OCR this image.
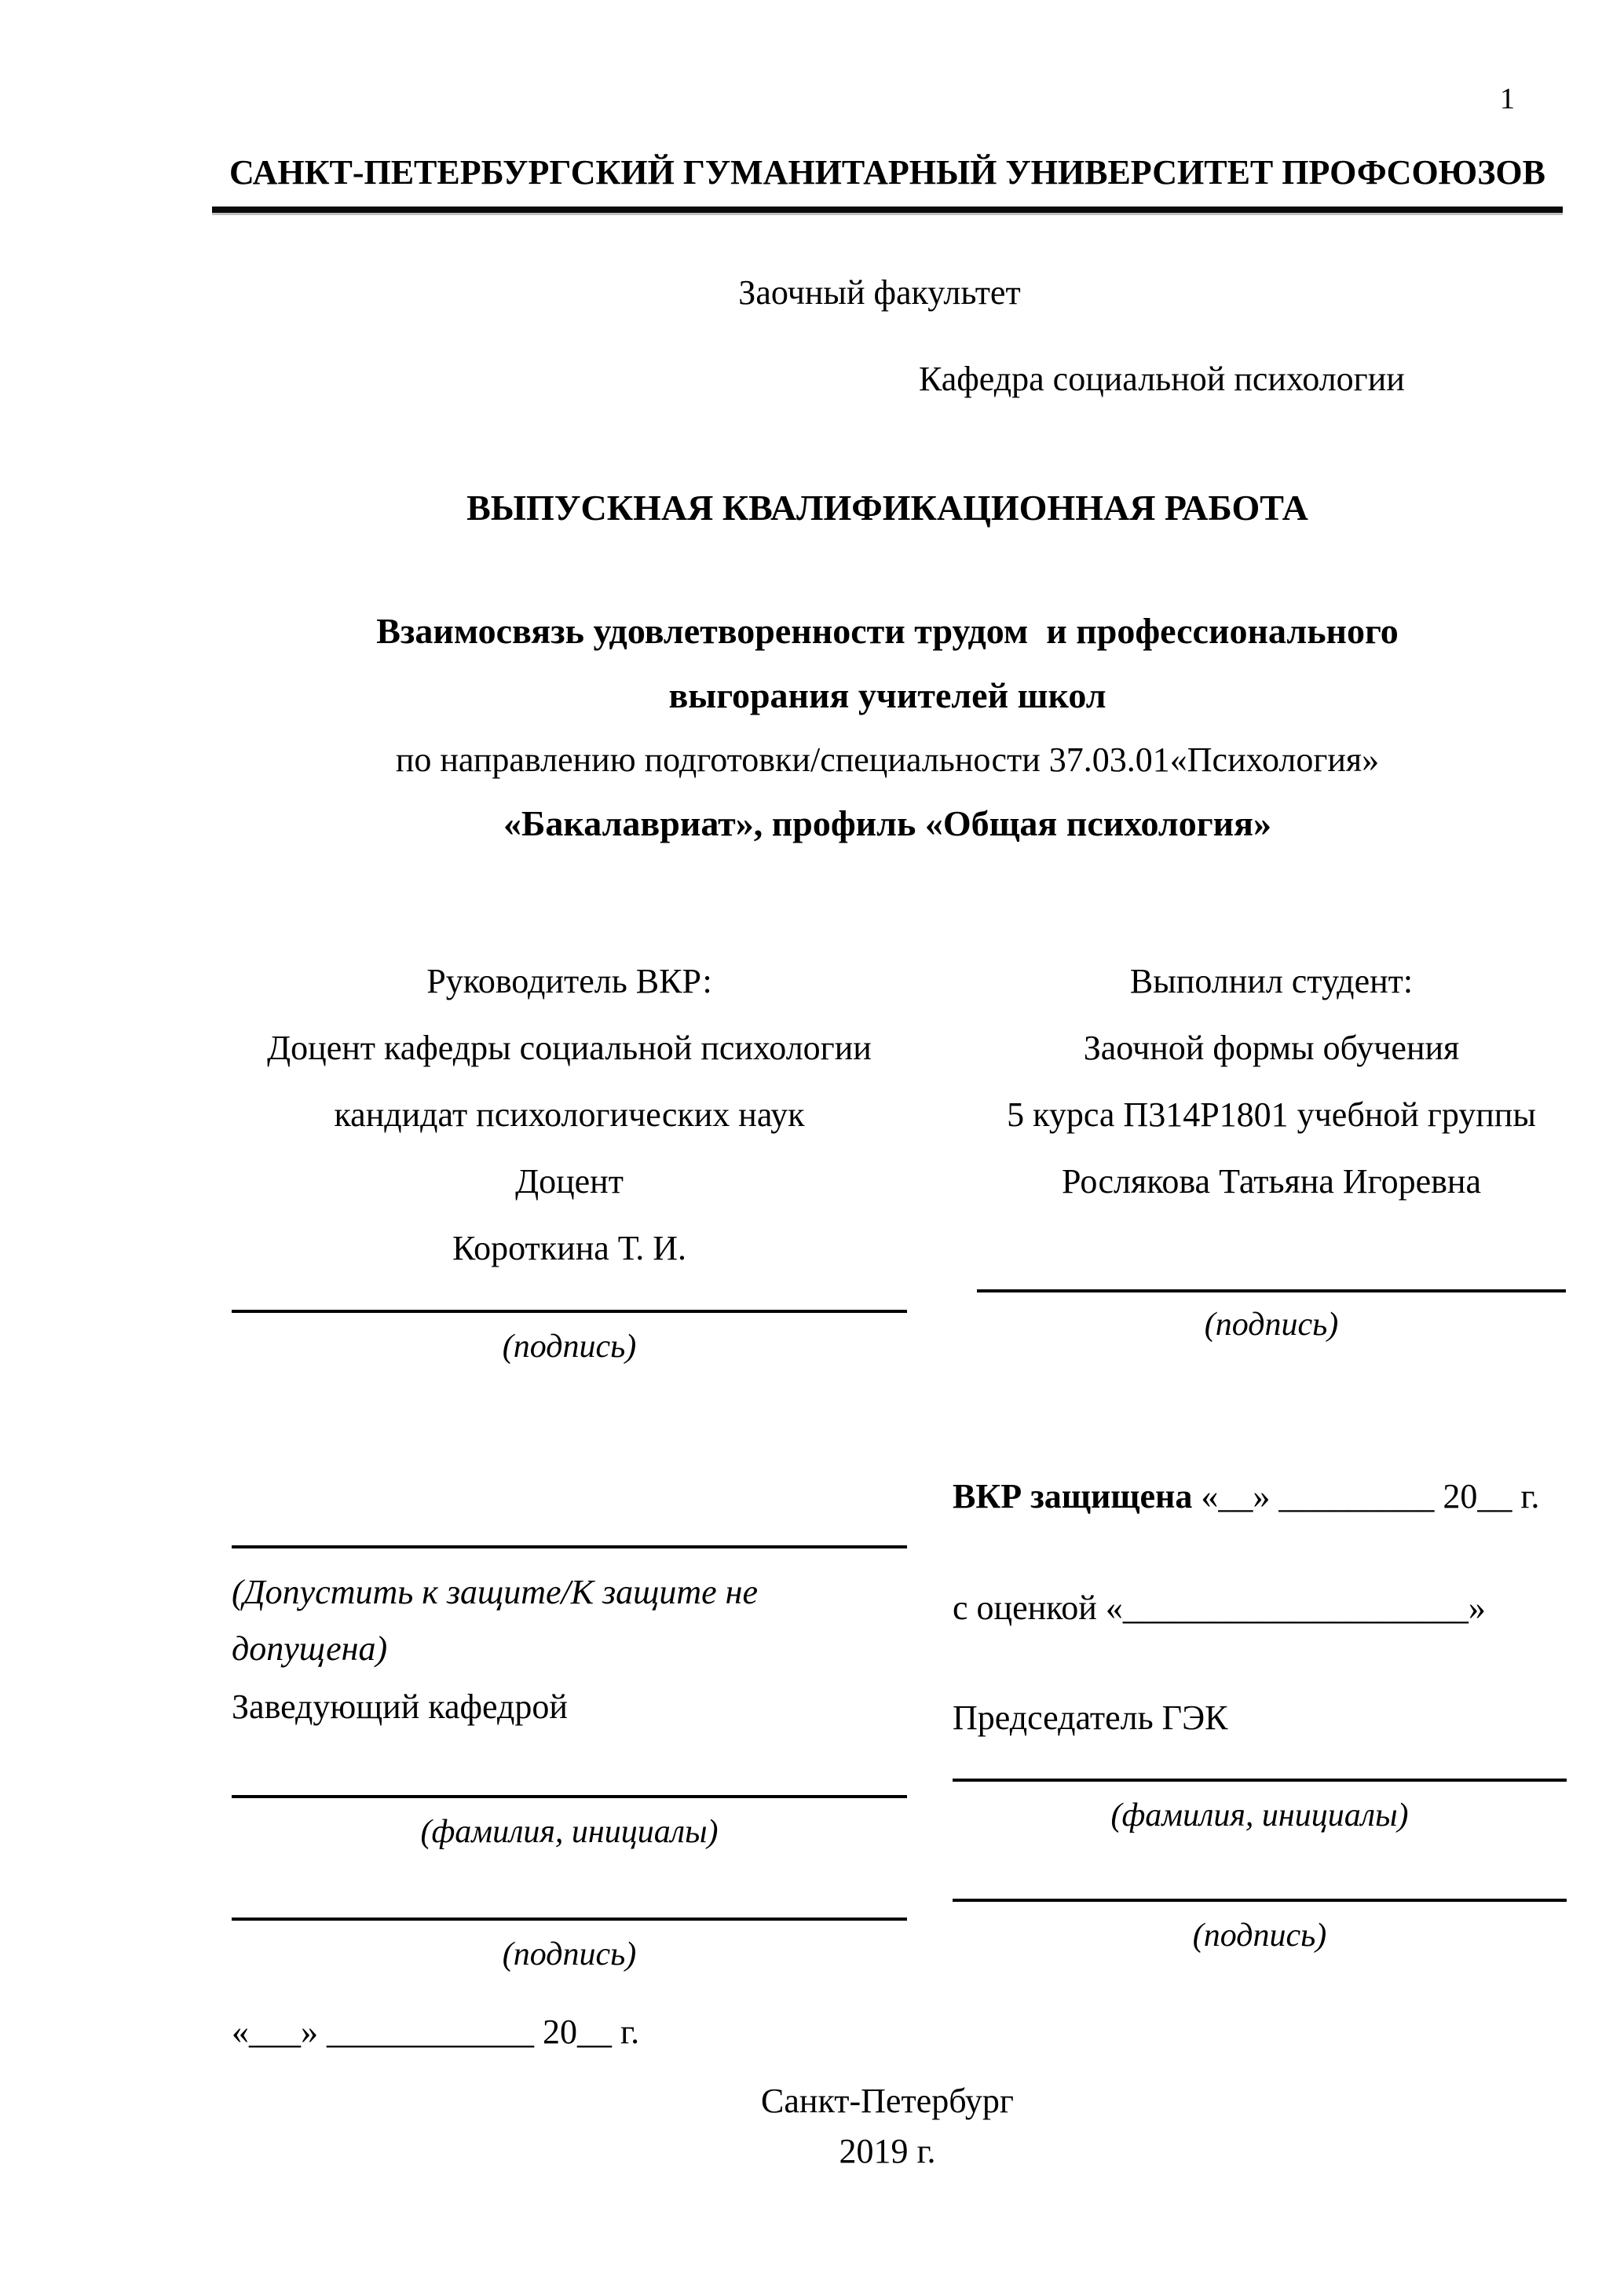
1
САНКТ-ПЕТЕРБУРГСКИЙ ГУМАНИТАРНЫЙ УНИВЕРСИТЕТ ПРОФСОЮЗОВ
Заочный факультет
Кафедра социальной психологии
ВЫПУСКНАЯ КВАЛИФИКАЦИОННАЯ РАБОТА
Взаимосвязь удовлетворенности трудом  и профессионального
выгорания учителей школ
по направлению подготовки/специальности 37.03.01«Психология»
«Бакалавриат», профиль «Общая психология»
Руководитель ВКР:
Доцент кафедры социальной психологии
кандидат психологических наук
Доцент
Короткина Т. И.
(подпись)
Выполнил студент:
Заочной формы обучения
5 курса П314Р1801 учебной группы
Рослякова Татьяна Игоревна
(подпись)
(Допустить к защите/К защите не
допущена)
Заведующий кафедрой
(фамилия, инициалы)
(подпись)
«___» ____________ 20__ г.
ВКР защищена «__» _________ 20__ г.
с оценкой «____________________»
Председатель ГЭК
(фамилия, инициалы)
(подпись)
Санкт-Петербург
2019 г.
